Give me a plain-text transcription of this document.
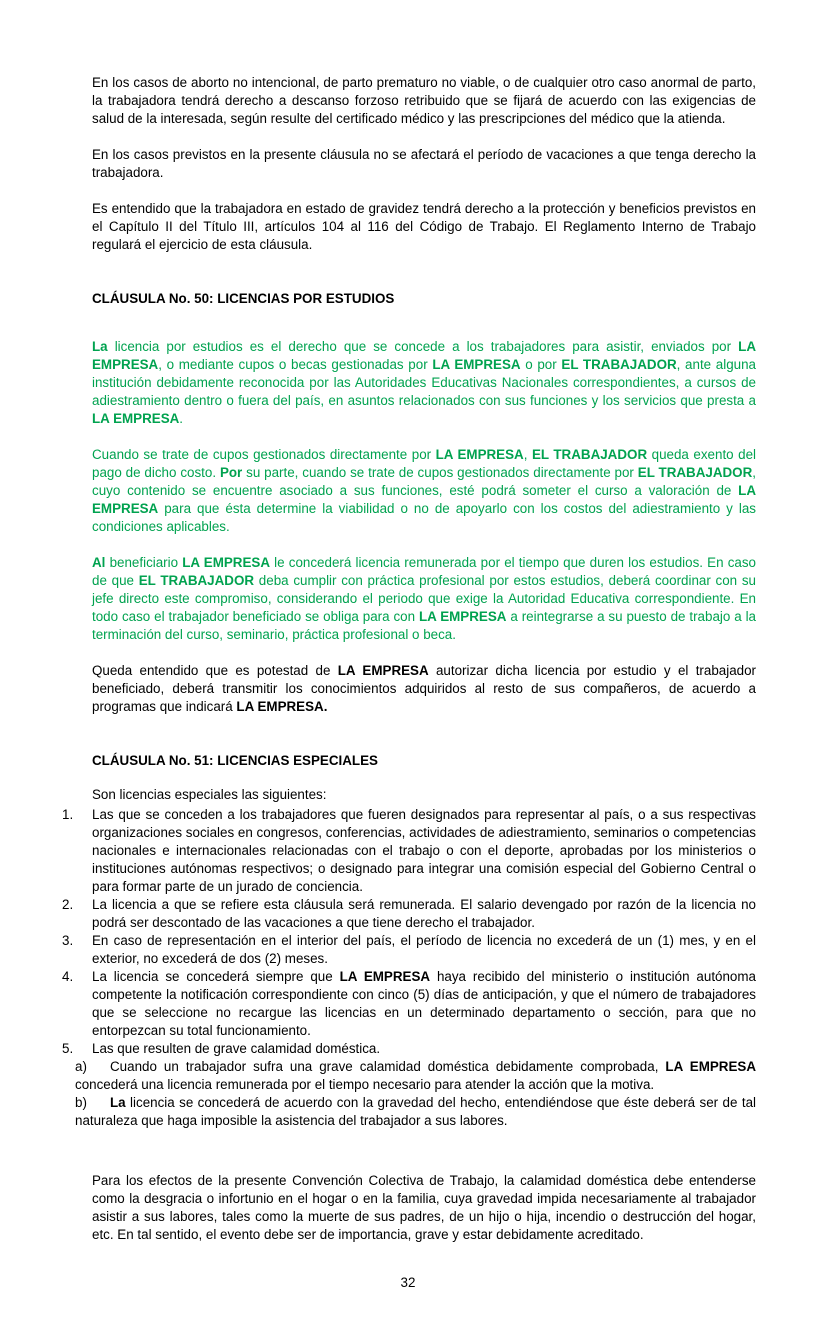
En los casos de aborto no intencional, de parto prematuro no viable, o de cualquier otro caso anormal de parto, la trabajadora tendrá derecho a descanso forzoso retribuido que se fijará de acuerdo con las exigencias de salud de la interesada, según resulte del certificado médico y las prescripciones del médico que la atienda.

En los casos previstos en la presente cláusula no se afectará el período de vacaciones a que tenga derecho la trabajadora.

Es entendido que la trabajadora en estado de gravidez tendrá derecho a la protección y beneficios previstos en el Capítulo II del Título III, artículos 104 al 116 del Código de Trabajo. El Reglamento Interno de Trabajo regulará el ejercicio de esta cláusula.

CLÁUSULA No. 50: LICENCIAS POR ESTUDIOS

La licencia por estudios es el derecho que se concede a los trabajadores para asistir, enviados por LA EMPRESA, o mediante cupos o becas gestionadas por LA EMPRESA o por EL TRABAJADOR, ante alguna institución debidamente reconocida por las Autoridades Educativas Nacionales correspondientes, a cursos de adiestramiento dentro o fuera del país, en asuntos relacionados con sus funciones y los servicios que presta a LA EMPRESA.

Cuando se trate de cupos gestionados directamente por LA EMPRESA, EL TRABAJADOR queda exento del pago de dicho costo. Por su parte, cuando se trate de cupos gestionados directamente por EL TRABAJADOR, cuyo contenido se encuentre asociado a sus funciones, esté podrá someter el curso a valoración de LA EMPRESA para que ésta determine la viabilidad o no de apoyarlo con los costos del adiestramiento y las condiciones aplicables.

Al beneficiario LA EMPRESA le concederá licencia remunerada por el tiempo que duren los estudios. En caso de que EL TRABAJADOR deba cumplir con práctica profesional por estos estudios, deberá coordinar con su jefe directo este compromiso, considerando el periodo que exige la Autoridad Educativa correspondiente. En todo caso el trabajador beneficiado se obliga para con LA EMPRESA a reintegrarse a su puesto de trabajo a la terminación del curso, seminario, práctica profesional o beca.

Queda entendido que es potestad de LA EMPRESA autorizar dicha licencia por estudio y el trabajador beneficiado, deberá transmitir los conocimientos adquiridos al resto de sus compañeros, de acuerdo a programas que indicará LA EMPRESA.

CLÁUSULA No. 51: LICENCIAS ESPECIALES

Son licencias especiales las siguientes:

1.	Las que se conceden a los trabajadores que fueren designados para representar al país, o a sus respectivas organizaciones sociales en congresos, conferencias, actividades de adiestramiento, seminarios o competencias nacionales e internacionales relacionadas con el trabajo o con el deporte, aprobadas por los ministerios o instituciones autónomas respectivos; o designado para integrar una comisión especial del Gobierno Central o para formar parte de un jurado de conciencia.
2.	La licencia a que se refiere esta cláusula será remunerada. El salario devengado por razón de la licencia no podrá ser descontado de las vacaciones a que tiene derecho el trabajador.
3.	En caso de representación en el interior del país, el período de licencia no excederá de un (1) mes, y en el exterior, no excederá de dos (2) meses.
4.	La licencia se concederá siempre que LA EMPRESA haya recibido del ministerio o institución autónoma competente la notificación correspondiente con cinco (5) días de anticipación, y que el número de trabajadores que se seleccione no recargue las licencias en un determinado departamento o sección, para que no entorpezcan su total funcionamiento.
5.	Las que resulten de grave calamidad doméstica.
a) Cuando un trabajador sufra una grave calamidad doméstica debidamente comprobada, LA EMPRESA concederá una licencia remunerada por el tiempo necesario para atender la acción que la motiva.
b) La licencia se concederá de acuerdo con la gravedad del hecho, entendiéndose que éste deberá ser de tal naturaleza que haga imposible la asistencia del trabajador a sus labores.

Para los efectos de la presente Convención Colectiva de Trabajo, la calamidad doméstica debe entenderse como la desgracia o infortunio en el hogar o en la familia, cuya gravedad impida necesariamente al trabajador asistir a sus labores, tales como la muerte de sus padres, de un hijo o hija, incendio o destrucción del hogar, etc. En tal sentido, el evento debe ser de importancia, grave y estar debidamente acreditado.

32
